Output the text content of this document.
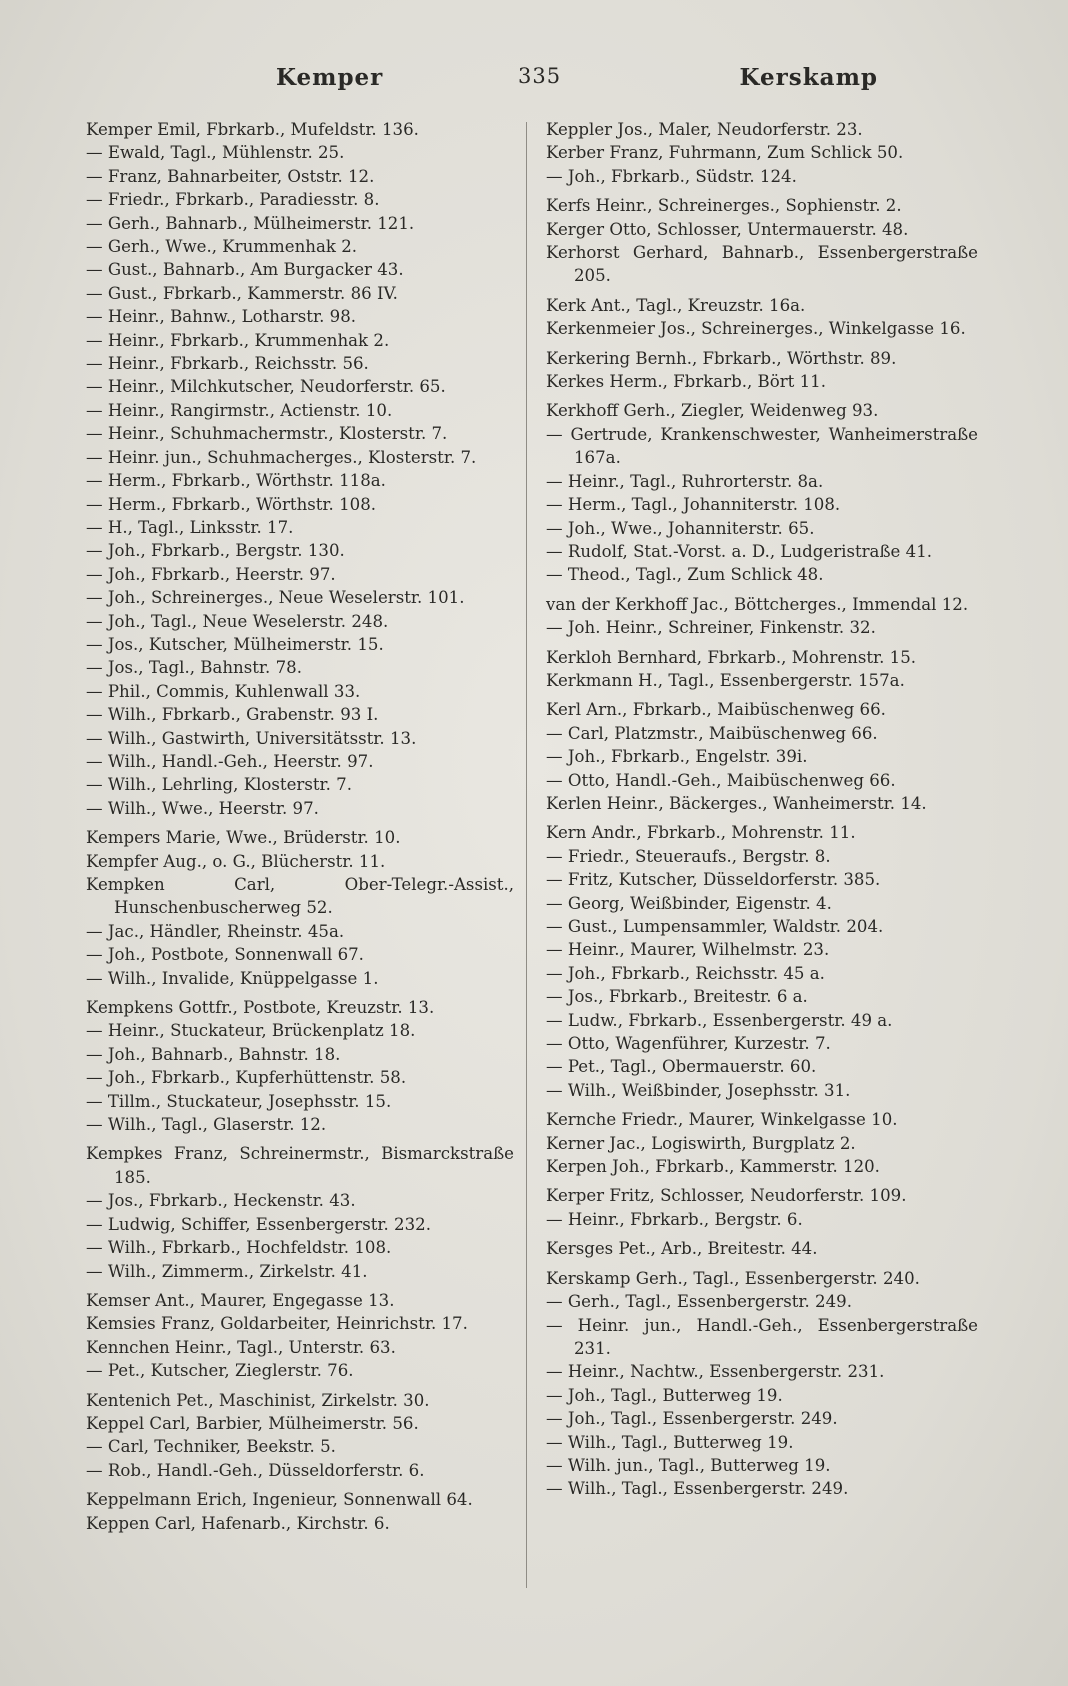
Kemper	335	Kerskamp

Kemper Emil, Fbrkarb., Mufeldstr. 136.

— Ewald, Tagl., Mühlenstr. 25.

— Franz, Bahnarbeiter, Oststr. 12.

— Friedr., Fbrkarb., Paradiesstr. 8.

— Gerh., Bahnarb., Mülheimerstr. 121.

— Gerh., Wwe., Krummenhak 2.

— Gust., Bahnarb., Am Burgacker 43.

— Gust., Fbrkarb., Kammerstr. 86 IV.

— Heinr., Bahnw., Lotharstr. 98.

— Heinr., Fbrkarb., Krummenhak 2.

— Heinr., Fbrkarb., Reichsstr. 56.

— Heinr., Milchkutscher, Neudorferstr. 65.

— Heinr., Rangirmstr., Actienstr. 10.

— Heinr., Schuhmachermstr., Klosterstr. 7.

— Heinr. jun., Schuhmacherges., Klosterstr. 7.

— Herm., Fbrkarb., Wörthstr. 118a.

— Herm., Fbrkarb., Wörthstr. 108.

— H., Tagl., Linksstr. 17.

— Joh., Fbrkarb., Bergstr. 130.

— Joh., Fbrkarb., Heerstr. 97.

— Joh., Schreinerges., Neue Weselerstr. 101.

— Joh., Tagl., Neue Weselerstr. 248.

— Jos., Kutscher, Mülheimerstr. 15.

— Jos., Tagl., Bahnstr. 78.

— Phil., Commis, Kuhlenwall 33.

— Wilh., Fbrkarb., Grabenstr. 93 I.

— Wilh., Gastwirth, Universitätsstr. 13.

— Wilh., Handl.-Geh., Heerstr. 97.

— Wilh., Lehrling, Klosterstr. 7.

— Wilh., Wwe., Heerstr. 97.

Kempers Marie, Wwe., Brüderstr. 10.

Kempfer Aug., o. G., Blücherstr. 11.

Kempken Carl, Ober-Telegr.-Assist., Hunschenbuscherweg 52.

— Jac., Händler, Rheinstr. 45a.

— Joh., Postbote, Sonnenwall 67.

— Wilh., Invalide, Knüppelgasse 1.

Kempkens Gottfr., Postbote, Kreuzstr. 13.

— Heinr., Stuckateur, Brückenplatz 18.

— Joh., Bahnarb., Bahnstr. 18.

— Joh., Fbrkarb., Kupferhüttenstr. 58.

— Tillm., Stuckateur, Josephsstr. 15.

— Wilh., Tagl., Glaserstr. 12.

Kempkes Franz, Schreinermstr., Bismarckstraße 185.

— Jos., Fbrkarb., Heckenstr. 43.

— Ludwig, Schiffer, Essenbergerstr. 232.

— Wilh., Fbrkarb., Hochfeldstr. 108.

— Wilh., Zimmerm., Zirkelstr. 41.

Kemser Ant., Maurer, Engegasse 13.

Kemsies Franz, Goldarbeiter, Heinrichstr. 17.

Kennchen Heinr., Tagl., Unterstr. 63.

— Pet., Kutscher, Zieglerstr. 76.

Kentenich Pet., Maschinist, Zirkelstr. 30.

Keppel Carl, Barbier, Mülheimerstr. 56.

— Carl, Techniker, Beekstr. 5.

— Rob., Handl.-Geh., Düsseldorferstr. 6.

Keppelmann Erich, Ingenieur, Sonnenwall 64.

Keppen Carl, Hafenarb., Kirchstr. 6.

Keppler Jos., Maler, Neudorferstr. 23.

Kerber Franz, Fuhrmann, Zum Schlick 50.

— Joh., Fbrkarb., Südstr. 124.

Kerfs Heinr., Schreinerges., Sophienstr. 2.

Kerger Otto, Schlosser, Untermauerstr. 48.

Kerhorst Gerhard, Bahnarb., Essenbergerstraße 205.

Kerk Ant., Tagl., Kreuzstr. 16a.

Kerkenmeier Jos., Schreinerges., Winkelgasse 16.

Kerkering Bernh., Fbrkarb., Wörthstr. 89.

Kerkes Herm., Fbrkarb., Bört 11.

Kerkhoff Gerh., Ziegler, Weidenweg 93.

— Gertrude, Krankenschwester, Wanheimerstraße 167a.

— Heinr., Tagl., Ruhrorterstr. 8a.

— Herm., Tagl., Johanniterstr. 108.

— Joh., Wwe., Johanniterstr. 65.

— Rudolf, Stat.-Vorst. a. D., Ludgeristraße 41.

— Theod., Tagl., Zum Schlick 48.

van der Kerkhoff Jac., Böttcherges., Immendal 12.

— Joh. Heinr., Schreiner, Finkenstr. 32.

Kerkloh Bernhard, Fbrkarb., Mohrenstr. 15.

Kerkmann H., Tagl., Essenbergerstr. 157a.

Kerl Arn., Fbrkarb., Maibüschenweg 66.

— Carl, Platzmstr., Maibüschenweg 66.

— Joh., Fbrkarb., Engelstr. 39i.

— Otto, Handl.-Geh., Maibüschenweg 66.

Kerlen Heinr., Bäckerges., Wanheimerstr. 14.

Kern Andr., Fbrkarb., Mohrenstr. 11.

— Friedr., Steueraufs., Bergstr. 8.

— Fritz, Kutscher, Düsseldorferstr. 385.

— Georg, Weißbinder, Eigenstr. 4.

— Gust., Lumpensammler, Waldstr. 204.

— Heinr., Maurer, Wilhelmstr. 23.

— Joh., Fbrkarb., Reichsstr. 45 a.

— Jos., Fbrkarb., Breitestr. 6 a.

— Ludw., Fbrkarb., Essenbergerstr. 49 a.

— Otto, Wagenführer, Kurzestr. 7.

— Pet., Tagl., Obermauerstr. 60.

— Wilh., Weißbinder, Josephsstr. 31.

Kernche Friedr., Maurer, Winkelgasse 10.

Kerner Jac., Logiswirth, Burgplatz 2.

Kerpen Joh., Fbrkarb., Kammerstr. 120.

Kerper Fritz, Schlosser, Neudorferstr. 109.

— Heinr., Fbrkarb., Bergstr. 6.

Kersges Pet., Arb., Breitestr. 44.

Kerskamp Gerh., Tagl., Essenbergerstr. 240.

— Gerh., Tagl., Essenbergerstr. 249.

— Heinr. jun., Handl.-Geh., Essenbergerstraße 231.

— Heinr., Nachtw., Essenbergerstr. 231.

— Joh., Tagl., Butterweg 19.

— Joh., Tagl., Essenbergerstr. 249.

— Wilh., Tagl., Butterweg 19.

— Wilh. jun., Tagl., Butterweg 19.

— Wilh., Tagl., Essenbergerstr. 249.
